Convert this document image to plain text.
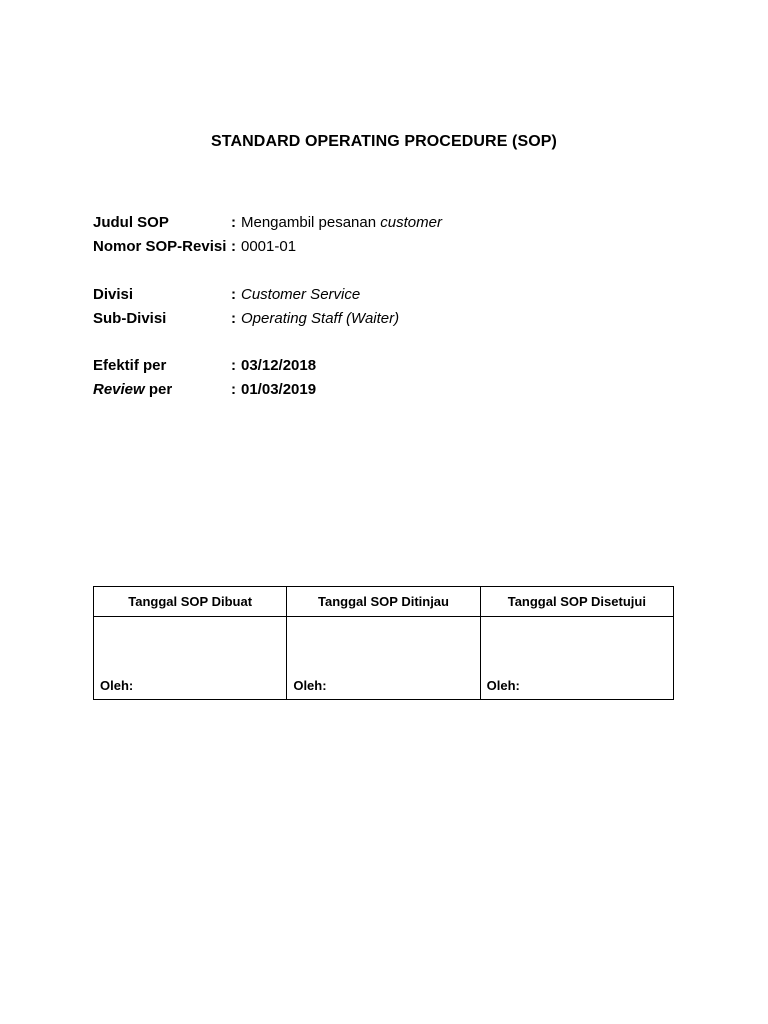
STANDARD OPERATING PROCEDURE (SOP)
Judul SOP	: Mengambil pesanan customer
Nomor SOP-Revisi : 0001-01
Divisi	: Customer Service
Sub-Divisi	: Operating Staff (Waiter)
Efektif per	: 03/12/2018
Review per	: 01/03/2019
Tanggal SOP Dibuat	Tanggal SOP Ditinjau	Tanggal SOP Disetujui

Oleh:	Oleh:	Oleh:
